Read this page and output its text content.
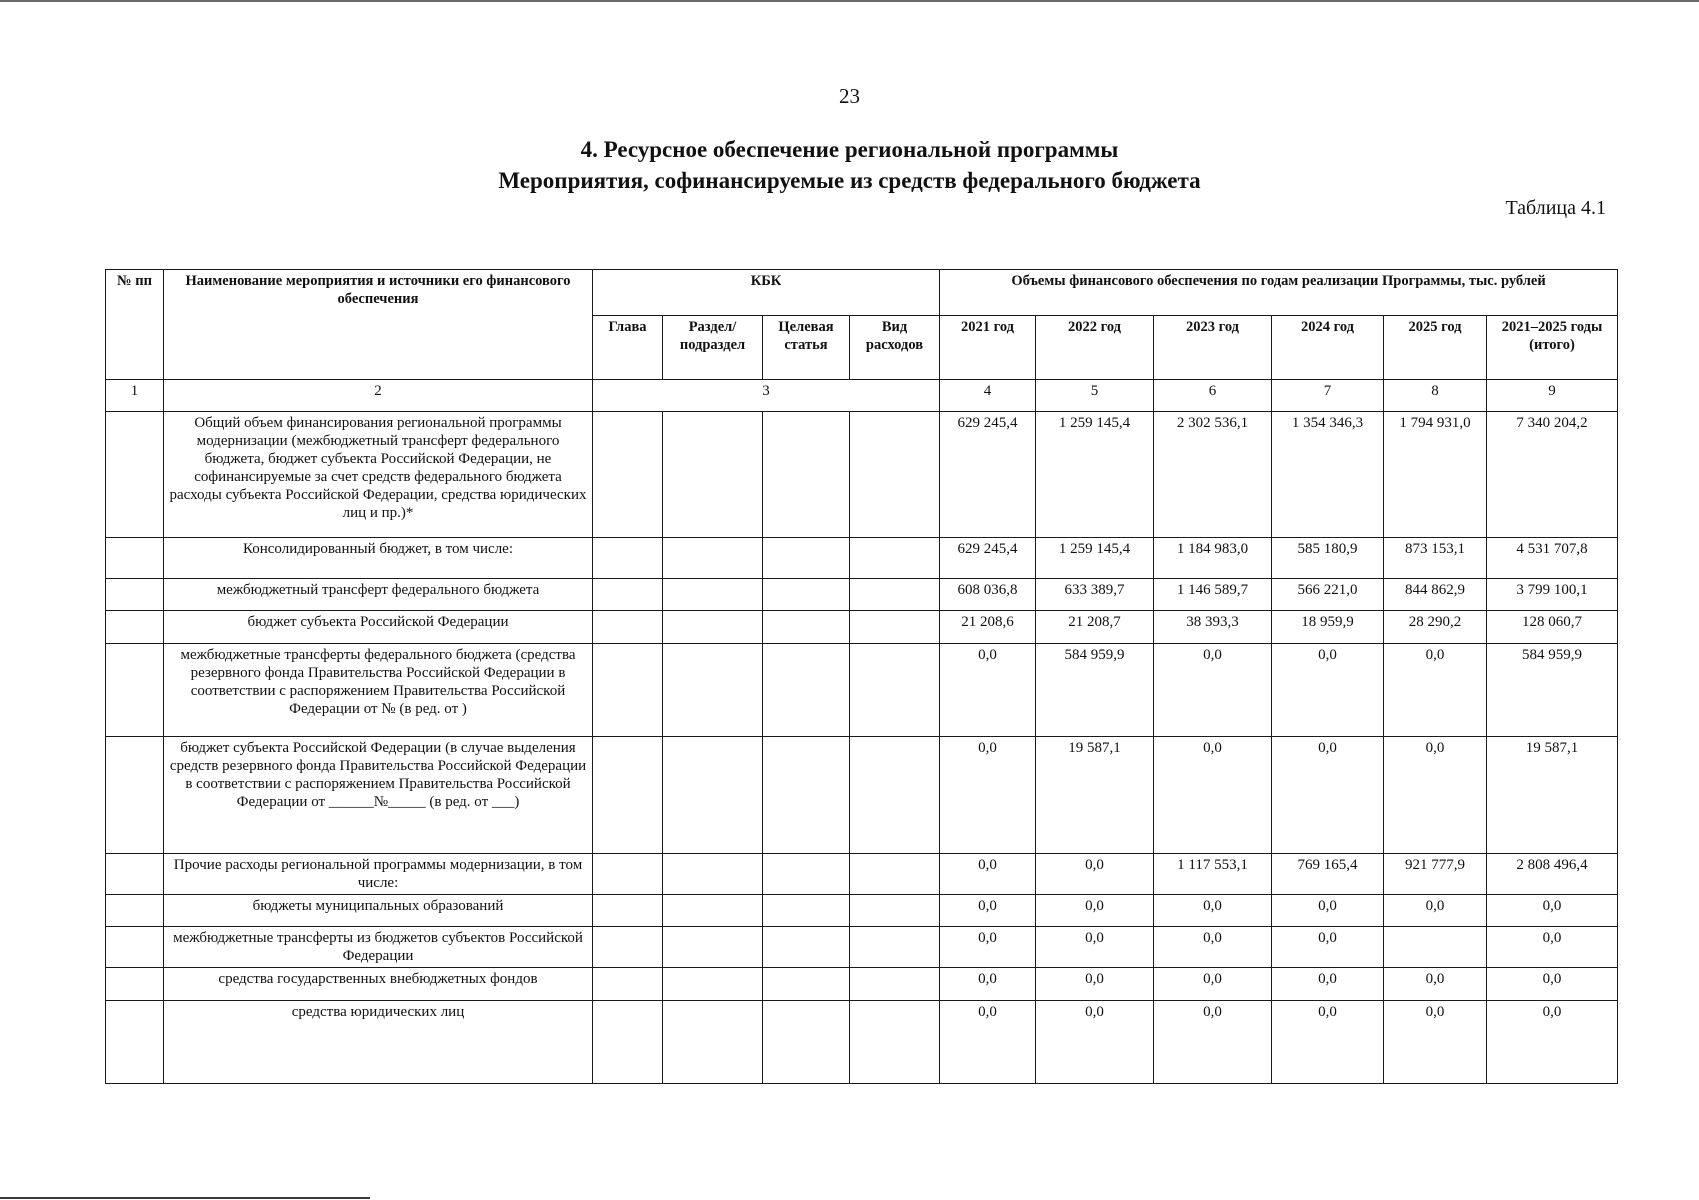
23
4. Ресурсное обеспечение региональной программы
Мероприятия, софинансируемые из средств федерального бюджета
Таблица 4.1
№ пп	Наименование мероприятия и источники его финансового обеспечения	КБК				Объемы финансового обеспечения по годам реализации Программы, тыс. рублей					
		Глава	Раздел/ подраздел	Целевая статья	Вид расходов	2021 год	2022 год	2023 год	2024 год	2025 год	2021–2025 годы (итого)
1	2	3				4	5	6	7	8	9
	Общий объем финансирования региональной программы модернизации (межбюджетный трансферт федерального бюджета, бюджет субъекта Российской Федерации, не софинансируемые за счет средств федерального бюджета расходы субъекта Российской Федерации, средства юридических лиц и пр.)*					629 245,4	1 259 145,4	2 302 536,1	1 354 346,3	1 794 931,0	7 340 204,2
	Консолидированный бюджет, в том числе:					629 245,4	1 259 145,4	1 184 983,0	585 180,9	873 153,1	4 531 707,8
	межбюджетный трансферт федерального бюджета					608 036,8	633 389,7	1 146 589,7	566 221,0	844 862,9	3 799 100,1
	бюджет субъекта Российской Федерации					21 208,6	21 208,7	38 393,3	18 959,9	28 290,2	128 060,7
	межбюджетные трансферты федерального бюджета (средства резервного фонда Правительства Российской Федерации в соответствии с распоряжением Правительства Российской Федерации от № (в ред. от )					0,0	584 959,9	0,0	0,0	0,0	584 959,9
	бюджет субъекта Российской Федерации (в случае выделения средств резервного фонда Правительства Российской Федерации в соответствии с распоряжением Правительства Российской Федерации от ______№_____ (в ред. от ___)					0,0	19 587,1	0,0	0,0	0,0	19 587,1
	Прочие расходы региональной программы модернизации, в том числе:					0,0	0,0	1 117 553,1	769 165,4	921 777,9	2 808 496,4
	бюджеты муниципальных образований					0,0	0,0	0,0	0,0	0,0	0,0
	межбюджетные трансферты из бюджетов субъектов Российской Федерации					0,0	0,0	0,0	0,0		0,0
	средства государственных внебюджетных фондов					0,0	0,0	0,0	0,0	0,0	0,0
	средства юридических лиц					0,0	0,0	0,0	0,0	0,0	0,0
